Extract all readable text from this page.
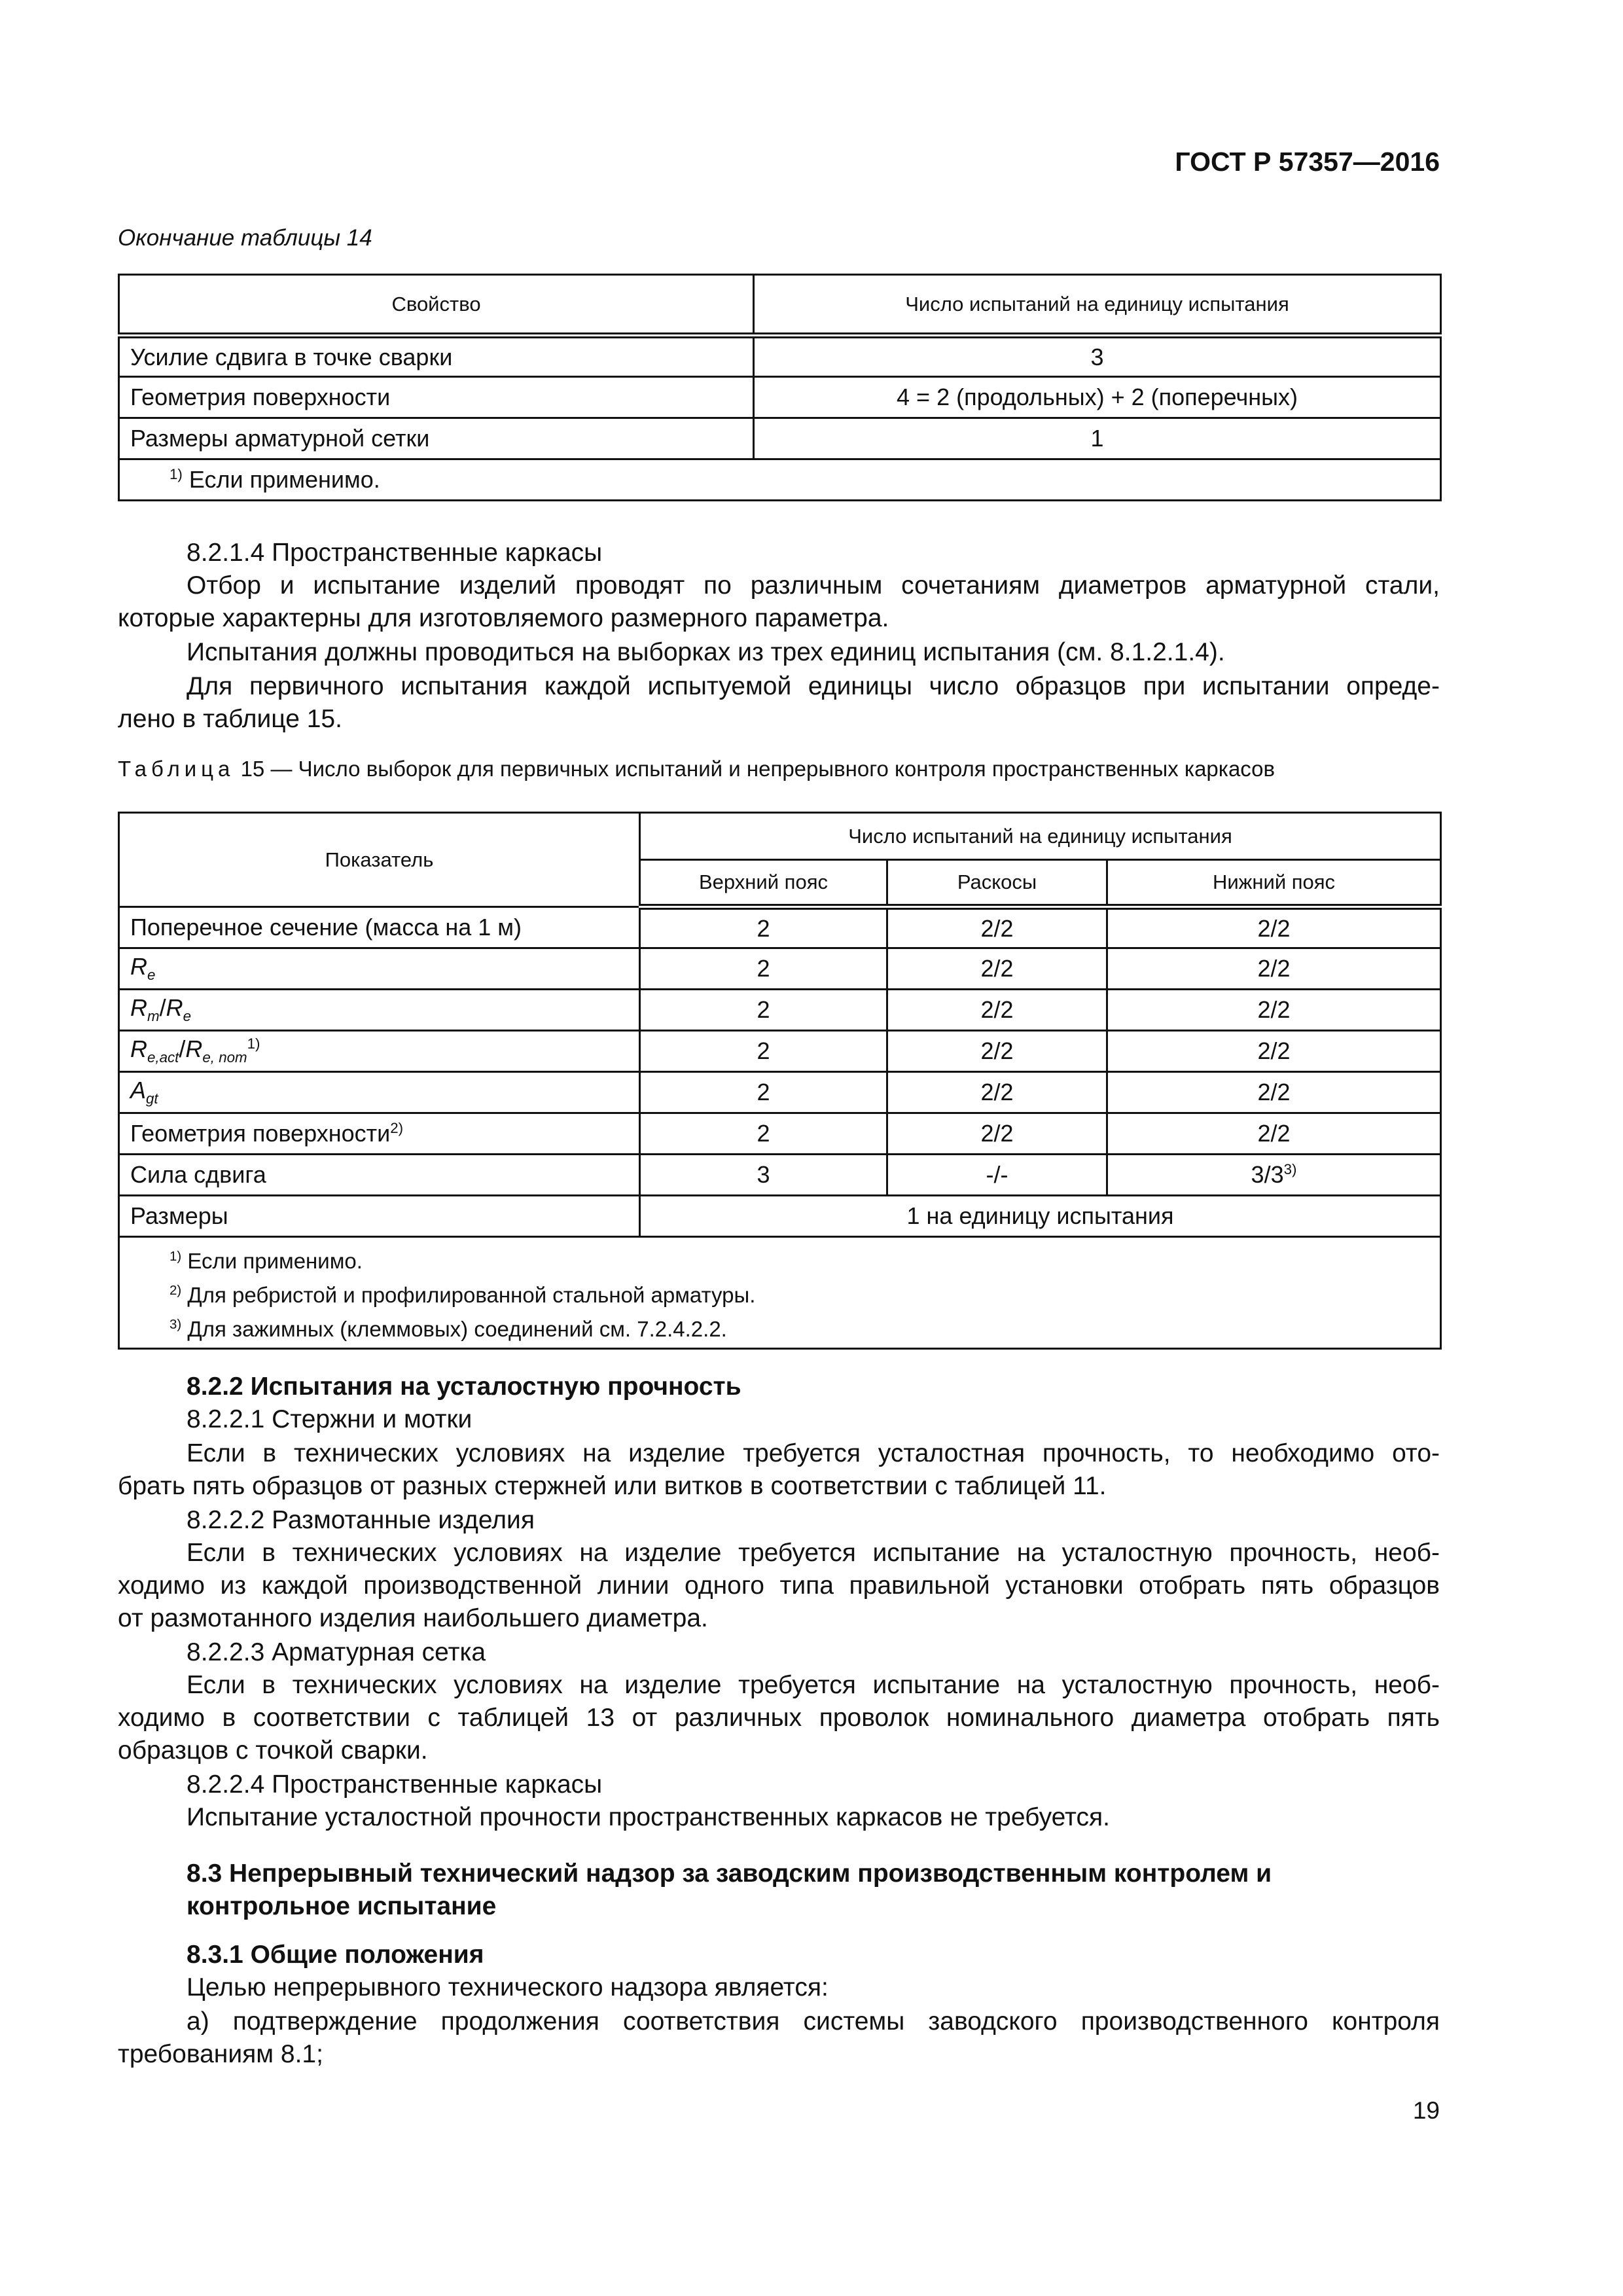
ГОСТ Р 57357—2016
Окончание таблицы 14
Свойство	Число испытаний на единицу испытания
Усилие сдвига в точке сварки	3
Геометрия поверхности	4 = 2 (продольных) + 2 (поперечных)
Размеры арматурной сетки	1
$^{1)}$ Если применимо.	
8.2.1.4 Пространственные каркасы
Отбор и испытание изделий проводят по различным сочетаниям диаметров арматурной стали,
которые характерны для изготовляемого размерного параметра.
Испытания должны проводиться на выборках из трех единиц испытания (см. 8.1.2.1.4).
Для первичного испытания каждой испытуемой единицы число образцов при испытании опреде-
лено в таблице 15.
Таблица 15 — Число выборок для первичных испытаний и непрерывного контроля пространственных каркасов
Показатель	Число испытаний на единицу испытания		
	Верхний пояс	Раскосы	Нижний пояс
Поперечное сечение (масса на 1 м)	2	2/2	2/2
$R_e$	2	2/2	2/2
$R_m/R_e$	2	2/2	2/2
$R_{e,act}/R_{e, nom}^{1)}$	2	2/2	2/2
$A_{gt}$	2	2/2	2/2
Геометрия поверхности$^{2)}$	2	2/2	2/2
Сила сдвига	3	-/-	3/3$^{3)}$
Размеры	1 на единицу испытания		

$^{1)}$ Если применимо.
$^{2)}$ Для ребристой и профилированной стальной арматуры.
$^{3)}$ Для зажимных (клеммовых) соединений см. 7.2.4.2.2.			
8.2.2 Испытания на усталостную прочность
8.2.2.1 Стержни и мотки
Если в технических условиях на изделие требуется усталостная прочность, то необходимо ото-
брать пять образцов от разных стержней или витков в соответствии с таблицей 11.
8.2.2.2 Размотанные изделия
Если в технических условиях на изделие требуется испытание на усталостную прочность, необ-
ходимо из каждой производственной линии одного типа правильной установки отобрать пять образцов
от размотанного изделия наибольшего диаметра.
8.2.2.3 Арматурная сетка
Если в технических условиях на изделие требуется испытание на усталостную прочность, необ-
ходимо в соответствии с таблицей 13 от различных проволок номинального диаметра отобрать пять
образцов с точкой сварки.
8.2.2.4 Пространственные каркасы
Испытание усталостной прочности пространственных каркасов не требуется.
8.3 Непрерывный технический надзор за заводским производственным контролем и
контрольное испытание
8.3.1 Общие положения
Целью непрерывного технического надзора является:
а) подтверждение продолжения соответствия системы заводского производственного контроля
требованиям 8.1;
19
